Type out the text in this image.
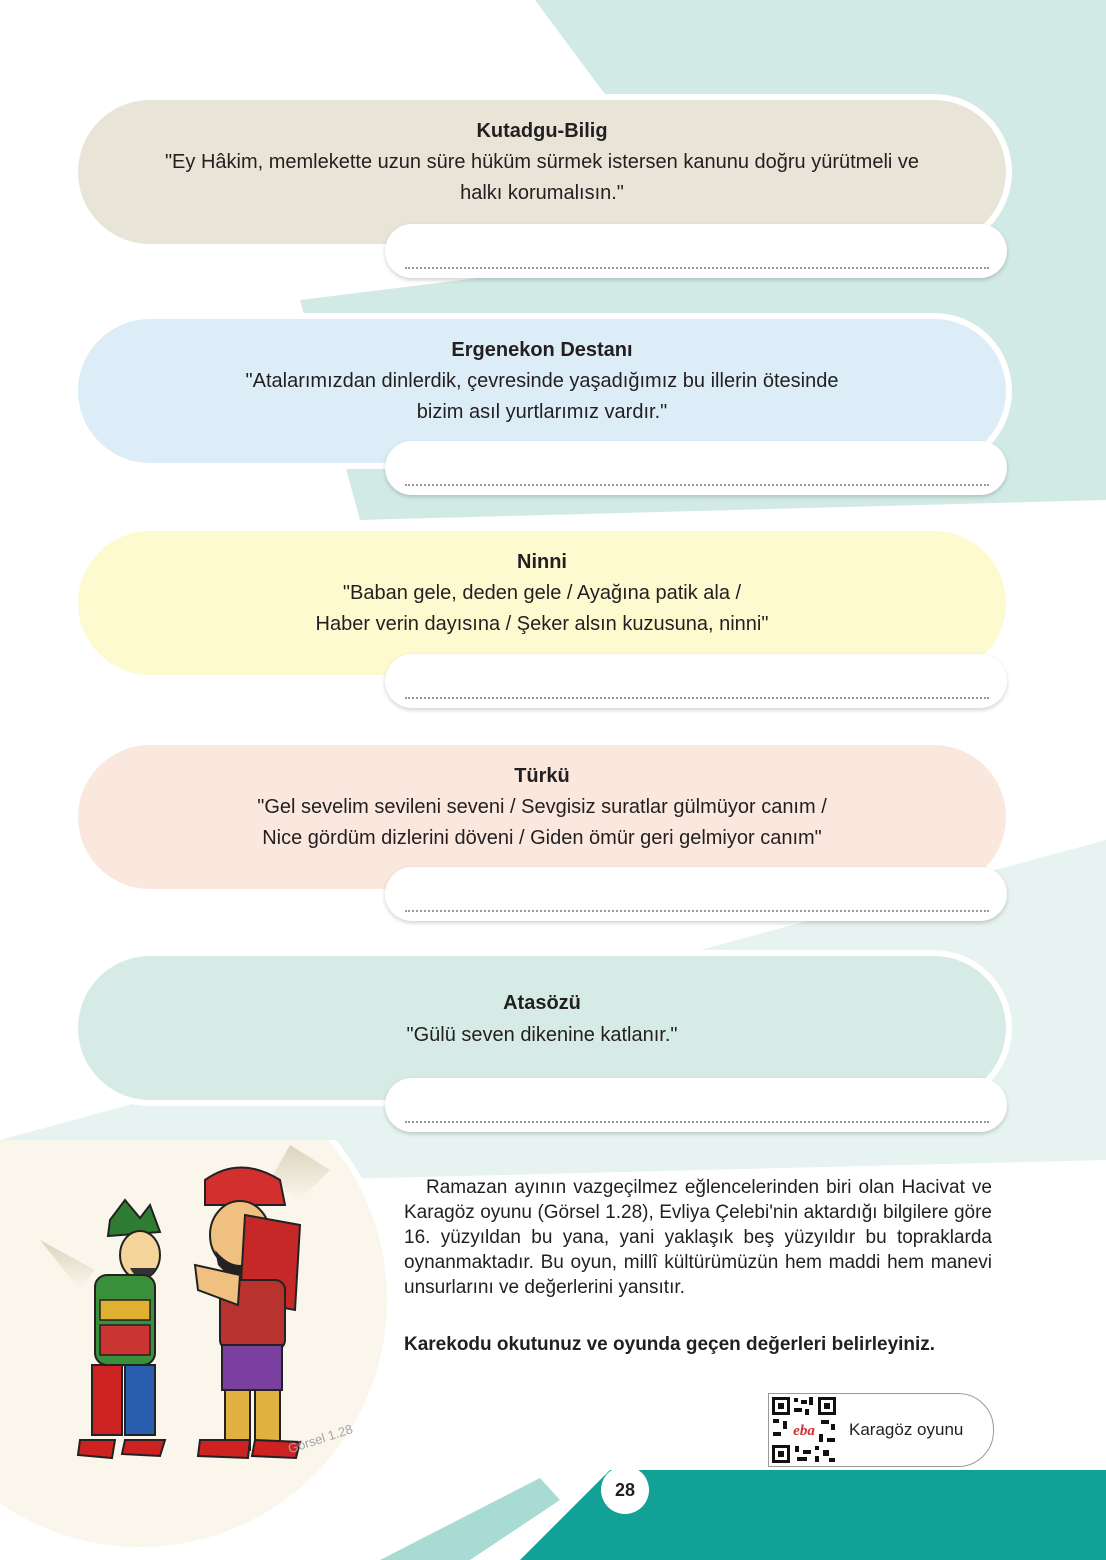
Kutadgu-Bilig
"Ey Hâkim, memlekette uzun süre hüküm sürmek istersen kanunu doğru yürütmeli ve
halkı korumalısın."
Ergenekon Destanı
"Atalarımızdan dinlerdik, çevresinde yaşadığımız bu illerin ötesinde
bizim asıl yurtlarımız vardır."
Ninni
"Baban gele, deden gele / Ayağına patik ala /
Haber verin dayısına / Şeker alsın kuzusuna, ninni"
Türkü
"Gel sevelim sevileni seveni / Sevgisiz suratlar gülmüyor canım /
Nice gördüm dizlerini döveni / Giden ömür geri gelmiyor canım"
Atasözü
"Gülü seven dikenine katlanır."
Görsel 1.28

Ramazan ayının vazgeçilmez eğlencelerinden biri olan Hacivat ve Karagöz oyunu (Görsel 1.28), Evliya Çelebi'nin aktardığı bilgilere göre 16. yüzyıldan bu yana, yani yaklaşık beş yüzyıldır bu topraklarda oynanmaktadır. Bu oyun, millî kültürümüzün hem maddi hem manevi unsurlarını ve değerlerini yansıtır.

Karekodu okutunuz ve oyunda geçen değerleri belirleyiniz.
eba Karagöz oyunu
28
